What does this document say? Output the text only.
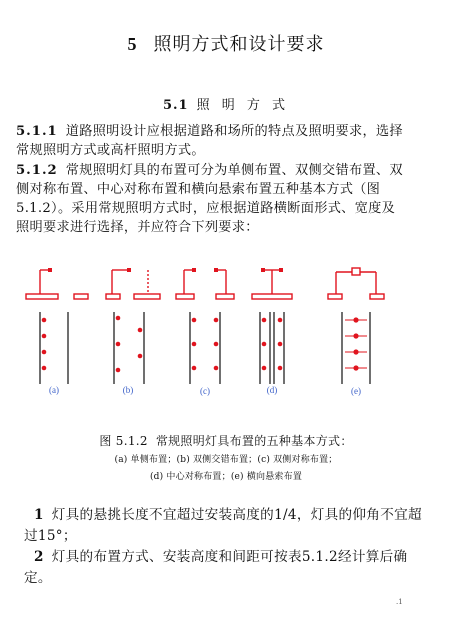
5 照明方式和设计要求
5.1 照 明 方 式
5.1.1 道路照明设计应根据道路和场所的特点及照明要求，选择常规照明方式或高杆照明方式。
5.1.2 常规照明灯具的布置可分为单侧布置、双侧交错布置、双侧对称布置、中心对称布置和横向悬索布置五种基本方式（图5.1.2）。采用常规照明方式时，应根据道路横断面形式、宽度及照明要求进行选择，并应符合下列要求：
(a)	(b)	(c)	(d)	(e)
图 5.1.2 常规照明灯具布置的五种基本方式：
(a) 单侧布置；(b) 双侧交错布置；(c) 双侧对称布置；
(d) 中心对称布置；(e) 横向悬索布置
1 灯具的悬挑长度不宜超过安装高度的1/4，灯具的仰角不宜超过15°；
2 灯具的布置方式、安装高度和间距可按表5.1.2经计算后确定。
.1
